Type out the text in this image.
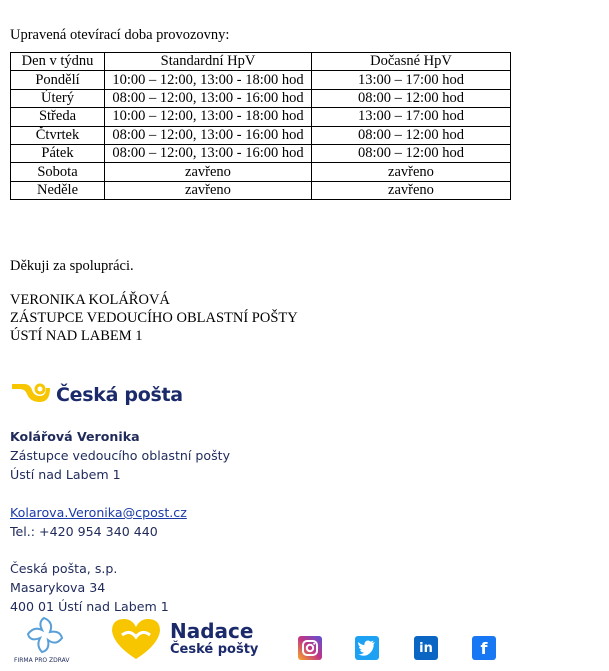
Upravená otevírací doba provozovny:
Den v týdnu	Standardní HpV	Dočasné HpV
Pondělí	10:00 – 12:00, 13:00 - 18:00 hod	13:00 – 17:00 hod
Úterý	08:00 – 12:00, 13:00 - 16:00 hod	08:00 – 12:00 hod
Středa	10:00 – 12:00, 13:00 - 18:00 hod	13:00 – 17:00 hod
Čtvrtek	08:00 – 12:00, 13:00 - 16:00 hod	08:00 – 12:00 hod
Pátek	08:00 – 12:00, 13:00 - 16:00 hod	08:00 – 12:00 hod
Sobota	zavřeno	zavřeno
Neděle	zavřeno	zavřeno
Děkuji za spolupráci.
VERONIKA KOLÁŘOVÁ
ZÁSTUPCE VEDOUCÍHO OBLASTNÍ POŠTY
ÚSTÍ NAD LABEM 1
Česká pošta
Kolářová Veronika
Zástupce vedoucího oblastní pošty
Ústí nad Labem 1
Kolarova.Veronika@cpost.cz
Tel.: +420 954 340 440
Česká pošta, s.p.
Masarykova 34
400 01 Ústí nad Labem 1
FIRMA PRO ZDRAVÍ
Nadace
České pošty	in	f
